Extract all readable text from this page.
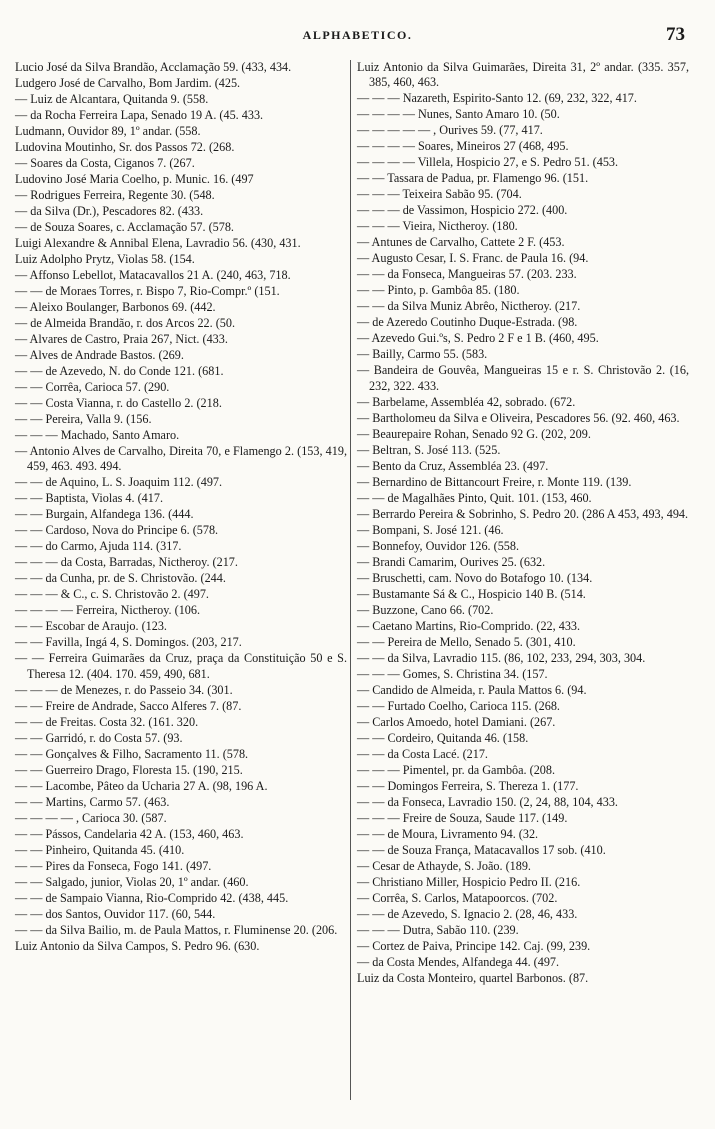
ALPHABETICO.	73

Lucio José da Silva Brandão, Acclamação 59. (433, 434.

Ludgero José de Carvalho, Bom Jardim. (425.

— Luiz de Alcantara, Quitanda 9. (558.

— da Rocha Ferreira Lapa, Senado 19 A. (45. 433.

Ludmann, Ouvidor 89, 1º andar. (558.

Ludovina Moutinho, Sr. dos Passos 72. (268.

— Soares da Costa, Ciganos 7. (267.

Ludovino José Maria Coelho, p. Munic. 16. (497

— Rodrigues Ferreira, Regente 30. (548.

— da Silva (Dr.), Pescadores 82. (433.

— de Souza Soares, c. Acclamação 57. (578.

Luigi Alexandre & Annibal Elena, Lavradio 56. (430, 431.

Luiz Adolpho Prytz, Violas 58. (154.

— Affonso Lebellot, Matacavallos 21 A. (240, 463, 718.

— — de Moraes Torres, r. Bispo 7, Rio-Compr.º (151.

— Aleixo Boulanger, Barbonos 69. (442.

— de Almeida Brandão, r. dos Arcos 22. (50.

— Alvares de Castro, Praia 267, Nict. (433.

— Alves de Andrade Bastos. (269.

— — de Azevedo, N. do Conde 121. (681.

— — Corrêa, Carioca 57. (290.

— — Costa Vianna, r. do Castello 2. (218.

— — Pereira, Valla 9. (156.

— — — Machado, Santo Amaro.

— Antonio Alves de Carvalho, Direita 70, e Flamengo 2. (153, 419, 459, 463. 493. 494.

— — de Aquino, L. S. Joaquim 112. (497.

— — Baptista, Violas 4. (417.

— — Burgain, Alfandega 136. (444.

— — Cardoso, Nova do Principe 6. (578.

— — do Carmo, Ajuda 114. (317.

— — — da Costa, Barradas, Nictheroy. (217.

— — da Cunha, pr. de S. Christovão. (244.

— — — & C., c. S. Christovão 2. (497.

— — — — Ferreira, Nictheroy. (106.

— — Escobar de Araujo. (123.

— — Favilla, Ingá 4, S. Domingos. (203, 217.

— — Ferreira Guimarães da Cruz, praça da Constituição 50 e S. Theresa 12. (404. 170. 459, 490, 681.

— — — de Menezes, r. do Passeio 34. (301.

— — Freire de Andrade, Sacco Alferes 7. (87.

— — de Freitas. Costa 32. (161. 320.

— — Garridó, r. do Costa 57. (93.

— — Gonçalves & Filho, Sacramento 11. (578.

— — Guerreiro Drago, Floresta 15. (190, 215.

— — Lacombe, Pâteo da Ucharia 27 A. (98, 196 A.

— — Martins, Carmo 57. (463.

— — — — , Carioca 30. (587.

— — Pássos, Candelaria 42 A. (153, 460, 463.

— — Pinheiro, Quitanda 45. (410.

— — Pires da Fonseca, Fogo 141. (497.

— — Salgado, junior, Violas 20, 1º andar. (460.

— — de Sampaio Vianna, Rio-Comprido 42. (438, 445.

— — dos Santos, Ouvidor 117. (60, 544.

— — da Silva Bailio, m. de Paula Mattos, r. Fluminense 20. (206.

Luiz Antonio da Silva Campos, S. Pedro 96. (630.

Luiz Antonio da Silva Guimarães, Direita 31, 2º andar. (335. 357, 385, 460, 463.

— — — Nazareth, Espirito-Santo 12. (69, 232, 322, 417.

— — — — Nunes, Santo Amaro 10. (50.

— — — — — , Ourives 59. (77, 417.

— — — — Soares, Mineiros 27 (468, 495.

— — — — Villela, Hospicio 27, e S. Pedro 51. (453.

— — Tassara de Padua, pr. Flamengo 96. (151.

— — — Teixeira Sabão 95. (704.

— — — de Vassimon, Hospicio 272. (400.

— — — Vieira, Nictheroy. (180.

— Antunes de Carvalho, Cattete 2 F. (453.

— Augusto Cesar, I. S. Franc. de Paula 16. (94.

— — da Fonseca, Mangueiras 57. (203. 233.

— — Pinto, p. Gambôa 85. (180.

— — da Silva Muniz Abrêo, Nictheroy. (217.

— de Azeredo Coutinho Duque-Estrada. (98.

— Azevedo Gui.ºs, S. Pedro 2 F e 1 B. (460, 495.

— Bailly, Carmo 55. (583.

— Bandeira de Gouvêa, Mangueiras 15 e r. S. Christovão 2. (16, 232, 322. 433.

— Barbelame, Assembléa 42, sobrado. (672.

— Bartholomeu da Silva e Oliveira, Pescadores 56. (92. 460, 463.

— Beaurepaire Rohan, Senado 92 G. (202, 209.

— Beltran, S. José 113. (525.

— Bento da Cruz, Assembléa 23. (497.

— Bernardino de Bittancourt Freire, r. Monte 119. (139.

— — de Magalhães Pinto, Quit. 101. (153, 460.

— Berrardo Pereira & Sobrinho, S. Pedro 20. (286 A 453, 493, 494.

— Bompani, S. José 121. (46.

— Bonnefoy, Ouvidor 126. (558.

— Brandi Camarim, Ourives 25. (632.

— Bruschetti, cam. Novo do Botafogo 10. (134.

— Bustamante Sá & C., Hospicio 140 B. (514.

— Buzzone, Cano 66. (702.

— Caetano Martins, Rio-Comprido. (22, 433.

— — Pereira de Mello, Senado 5. (301, 410.

— — da Silva, Lavradio 115. (86, 102, 233, 294, 303, 304.

— — — Gomes, S. Christina 34. (157.

— Candido de Almeida, r. Paula Mattos 6. (94.

— — Furtado Coelho, Carioca 115. (268.

— Carlos Amoedo, hotel Damiani. (267.

— — Cordeiro, Quitanda 46. (158.

— — da Costa Lacé. (217.

— — — Pimentel, pr. da Gambôa. (208.

— — Domingos Ferreira, S. Thereza 1. (177.

— — da Fonseca, Lavradio 150. (2, 24, 88, 104, 433.

— — — Freire de Souza, Saude 117. (149.

— — de Moura, Livramento 94. (32.

— — de Souza França, Matacavallos 17 sob. (410.

— Cesar de Athayde, S. João. (189.

— Christiano Miller, Hospicio Pedro II. (216.

— Corrêa, S. Carlos, Matapoorcos. (702.

— — de Azevedo, S. Ignacio 2. (28, 46, 433.

— — — Dutra, Sabão 110. (239.

— Cortez de Paiva, Principe 142. Caj. (99, 239.

— da Costa Mendes, Alfandega 44. (497.

Luiz da Costa Monteiro, quartel Barbonos. (87.
